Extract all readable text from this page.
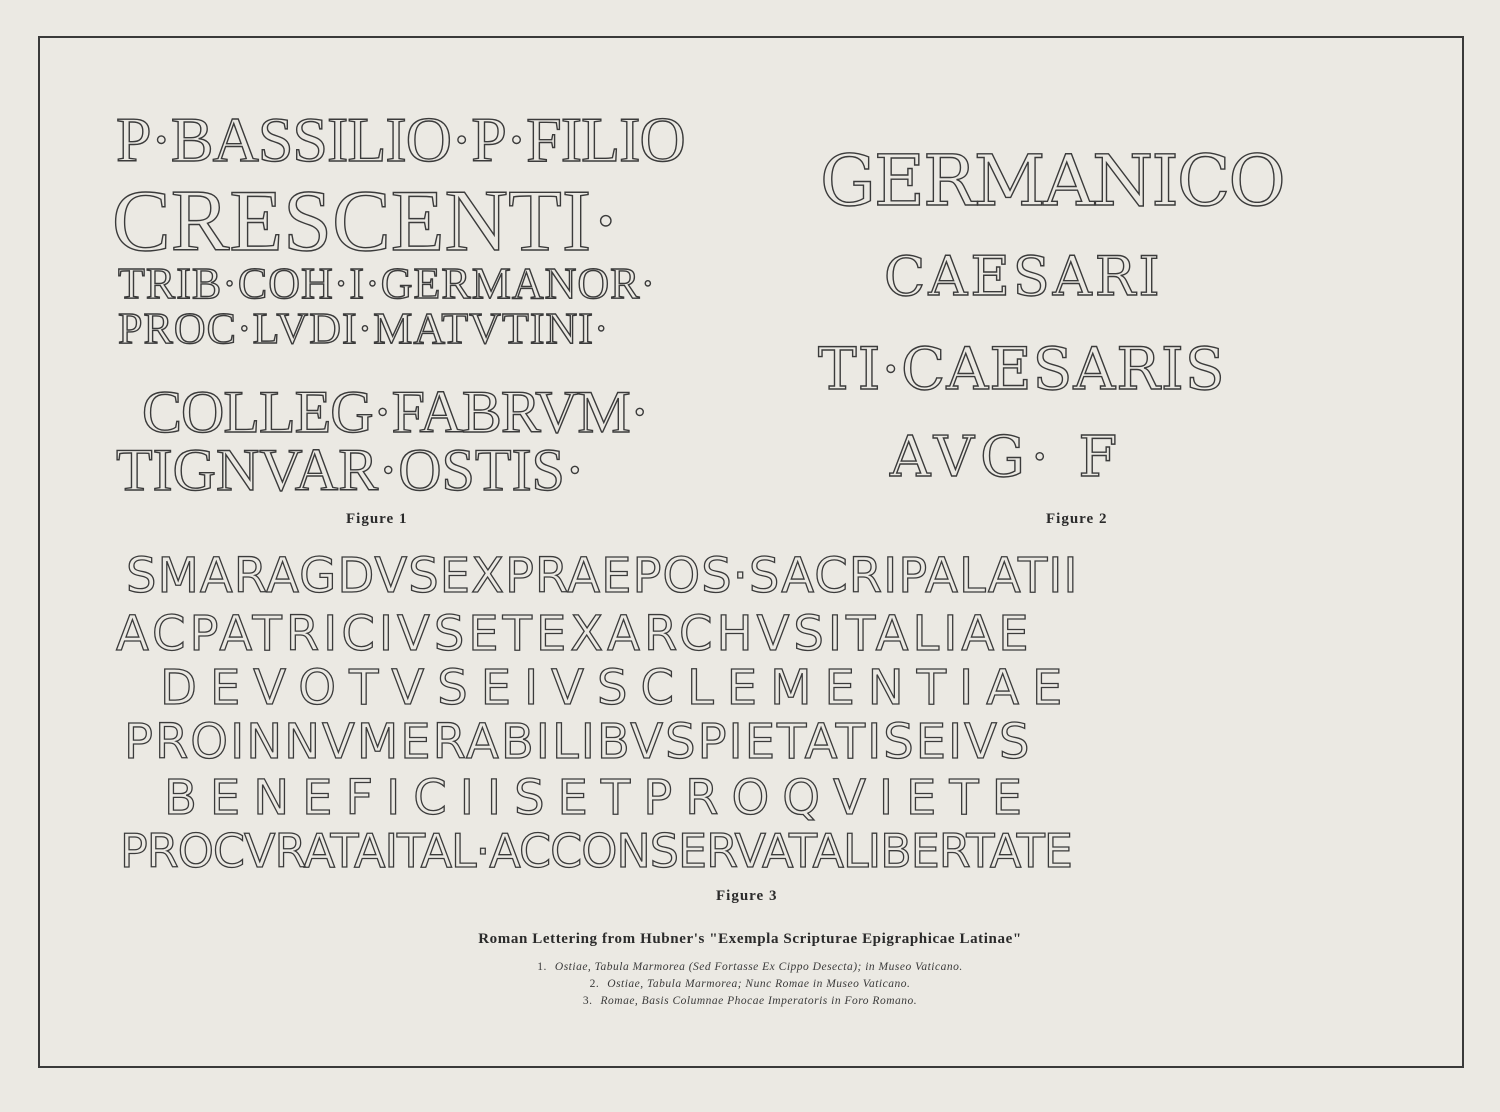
P·BASSILIO·P·FILIO
CRESCENTI·
TRIB·COH·I·GERMANOR·
PROC·LVDI·MATVTINI·
COLLEG·FABRVM·
TIGNVAR·OSTIS·
Figure 1
GERMANICO
CAESARI
TI·CAESARIS
AVG· F
Figure 2
SMARAGDVSEXPRAEPOS·SACRIPALATII
ACPATRICIVSETEXARCHVSITALIAE
DEVOTVSEIVSCLEMENTIAE
PROINNVMERABILIBVSPIETATISEIVS
BENEFICIISETPROQVIETE
PROCVRATAITAL·ACCONSERVATALIBERTATE
Figure 3
Roman Lettering from Hubner's "Exempla Scripturae Epigraphicae Latinae"
1. Ostiae, Tabula Marmorea (Sed Fortasse Ex Cippo Desecta); in Museo Vaticano.
2. Ostiae, Tabula Marmorea; Nunc Romae in Museo Vaticano.
3. Romae, Basis Columnae Phocae Imperatoris in Foro Romano.
